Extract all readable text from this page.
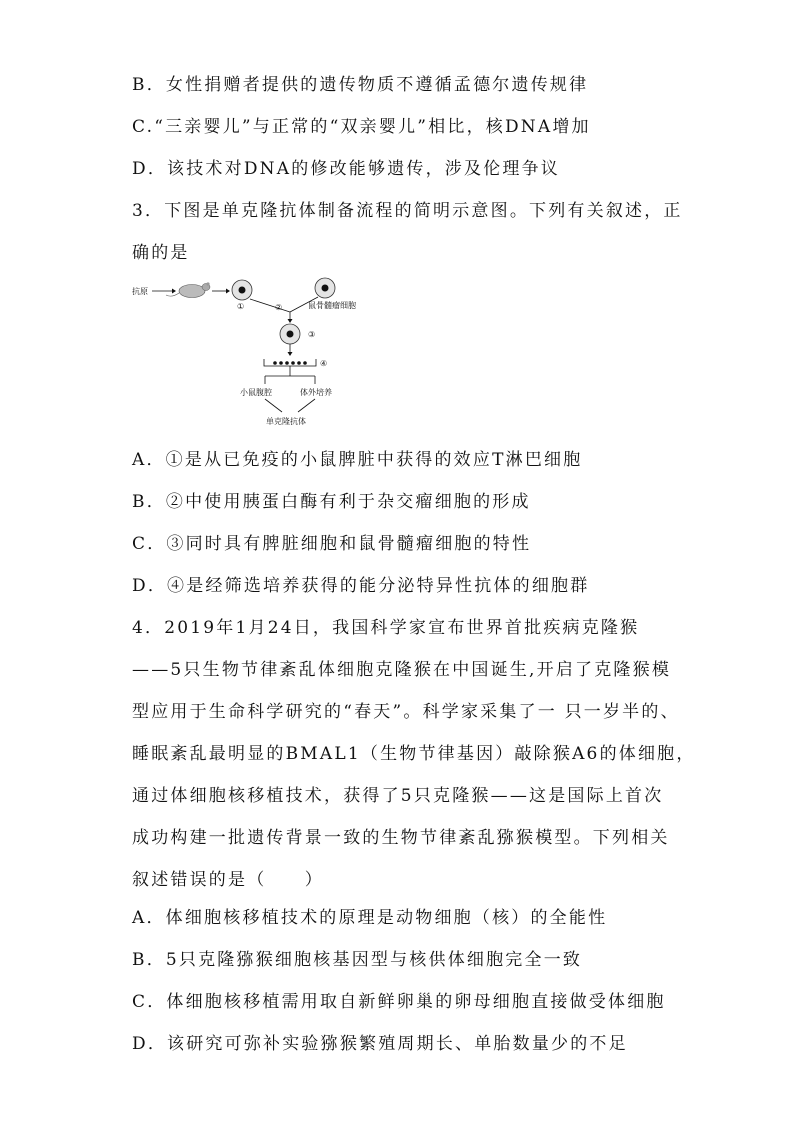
B．女性捐赠者提供的遗传物质不遵循孟德尔遗传规律
C.“三亲婴儿”与正常的“双亲婴儿”相比，核DNA增加
D．该技术对DNA的修改能够遗传，涉及伦理争议
3．下图是单克隆抗体制备流程的简明示意图。下列有关叙述，正
确的是
抗原
①	鼠骨髓瘤细胞
②
③
④
小鼠腹腔	体外培养
单克隆抗体
A．①是从已免疫的小鼠脾脏中获得的效应T淋巴细胞
B．②中使用胰蛋白酶有利于杂交瘤细胞的形成
C．③同时具有脾脏细胞和鼠骨髓瘤细胞的特性
D．④是经筛选培养获得的能分泌特异性抗体的细胞群
4．2019年1月24日，我国科学家宣布世界首批疾病克隆猴
——5只生物节律紊乱体细胞克隆猴在中国诞生,开启了克隆猴模
型应用于生命科学研究的“春天”。科学家采集了一 只一岁半的、
睡眠紊乱最明显的BMAL1（生物节律基因）敲除猴A6的体细胞，
通过体细胞核移植技术，获得了5只克隆猴——这是国际上首次
成功构建一批遗传背景一致的生物节律紊乱猕猴模型。下列相关
叙述错误的是（　　）
A．体细胞核移植技术的原理是动物细胞（核）的全能性
B．5只克隆猕猴细胞核基因型与核供体细胞完全一致
C．体细胞核移植需用取自新鲜卵巢的卵母细胞直接做受体细胞
D．该研究可弥补实验猕猴繁殖周期长、单胎数量少的不足
